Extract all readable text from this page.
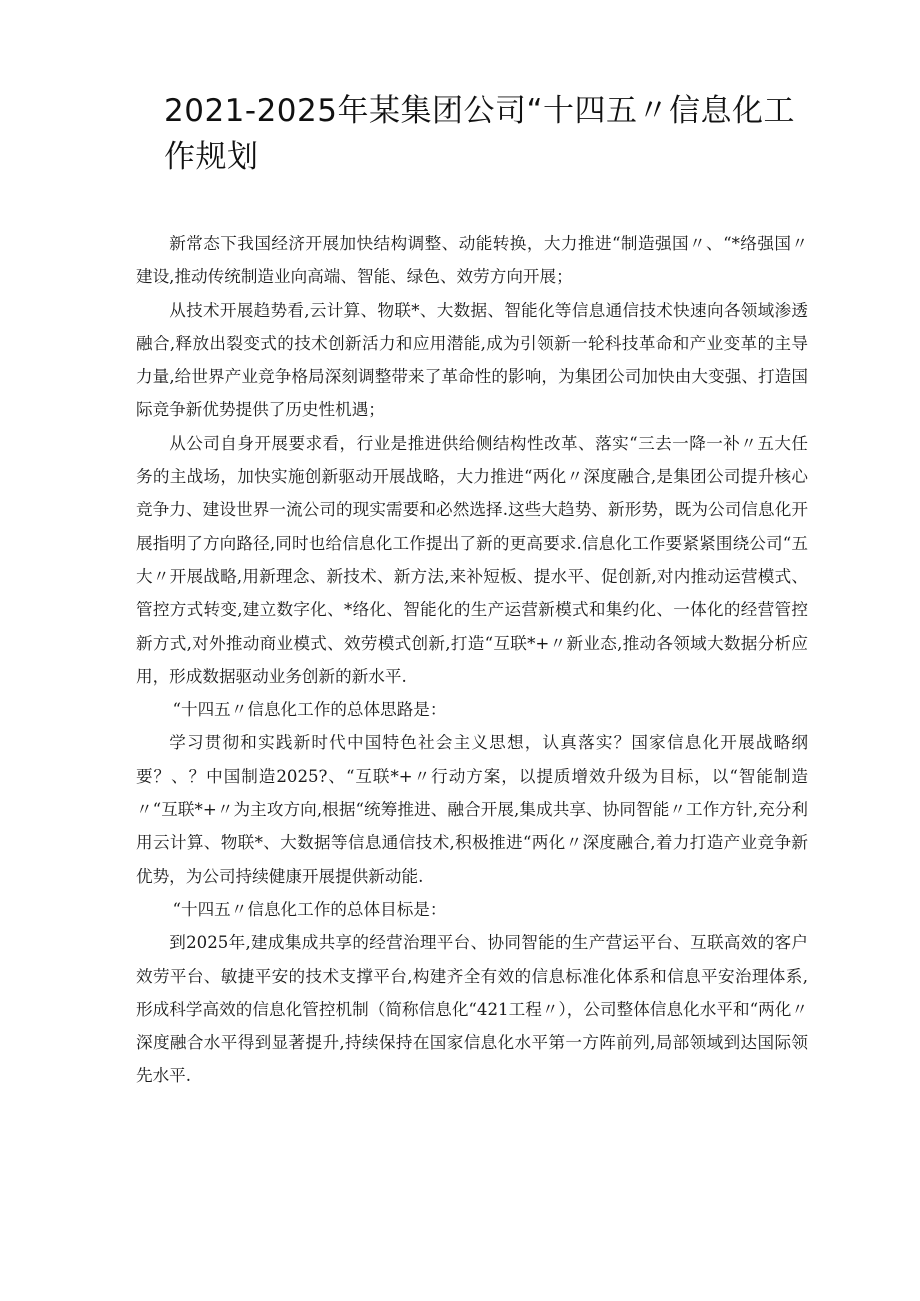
2021-2025年某集团公司“十四五〃信息化工作规划

新常态下我国经济开展加快结构调整、动能转换，大力推进“制造强国〃、“*络强国〃建设,推动传统制造业向高端、智能、绿色、效劳方向开展；

从技术开展趋势看,云计算、物联*、大数据、智能化等信息通信技术快速向各领域渗透融合,释放出裂变式的技术创新活力和应用潜能,成为引领新一轮科技革命和产业变革的主导力量,给世界产业竞争格局深刻调整带来了革命性的影响，为集团公司加快由大变强、打造国际竞争新优势提供了历史性机遇；

从公司自身开展要求看，行业是推进供给侧结构性改革、落实“三去一降一补〃五大任务的主战场，加快实施创新驱动开展战略，大力推进“两化〃深度融合,是集团公司提升核心竞争力、建设世界一流公司的现实需要和必然选择.这些大趋势、新形势，既为公司信息化开展指明了方向路径,同时也给信息化工作提出了新的更高要求.信息化工作要紧紧围绕公司“五大〃开展战略,用新理念、新技术、新方法,来补短板、提水平、促创新,对内推动运营模式、管控方式转变,建立数字化、*络化、智能化的生产运营新模式和集约化、一体化的经营管控新方式,对外推动商业模式、效劳模式创新,打造“互联*+〃新业态,推动各领域大数据分析应用，形成数据驱动业务创新的新水平.

“十四五〃信息化工作的总体思路是：

学习贯彻和实践新时代中国特色社会主义思想，认真落实？国家信息化开展战略纲要？、？中国制造2025?、“互联*+〃行动方案，以提质增效升级为目标，以“智能制造〃“互联*+〃为主攻方向,根据“统筹推进、融合开展,集成共享、协同智能〃工作方针,充分利用云计算、物联*、大数据等信息通信技术,积极推进“两化〃深度融合,着力打造产业竞争新优势，为公司持续健康开展提供新动能.

“十四五〃信息化工作的总体目标是：

到2025年,建成集成共享的经营治理平台、协同智能的生产营运平台、互联高效的客户效劳平台、敏捷平安的技术支撑平台,构建齐全有效的信息标准化体系和信息平安治理体系,形成科学高效的信息化管控机制（简称信息化“421工程〃），公司整体信息化水平和“两化〃深度融合水平得到显著提升,持续保持在国家信息化水平第一方阵前列,局部领域到达国际领先水平.
